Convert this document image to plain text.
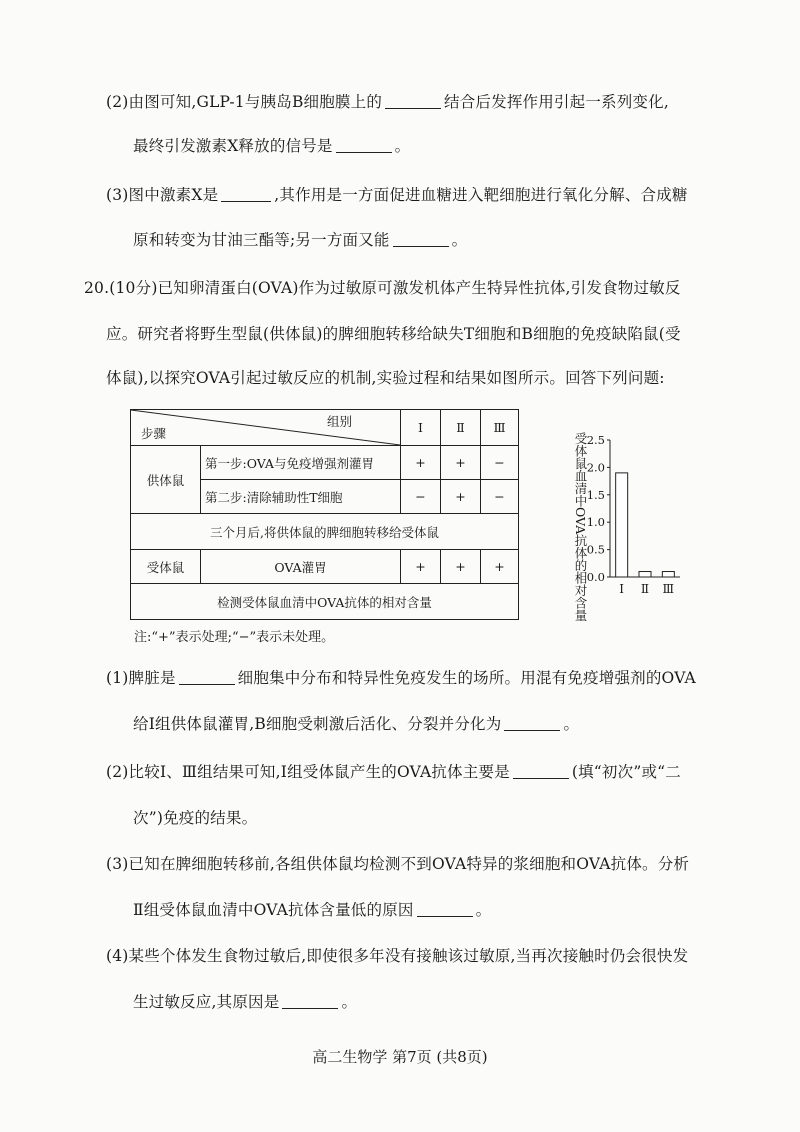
(2)由图可知,GLP-1与胰岛B细胞膜上的	结合后发挥作用引起一系列变化,
最终引发激素X释放的信号是	。
(3)图中激素X是	,其作用是一方面促进血糖进入靶细胞进行氧化分解、合成糖
原和转变为甘油三酯等;另一方面又能	。
20.(10分)已知卵清蛋白(OVA)作为过敏原可激发机体产生特异性抗体,引发食物过敏反
应。研究者将野生型鼠(供体鼠)的脾细胞转移给缺失T细胞和B细胞的免疫缺陷鼠(受
体鼠),以探究OVA引起过敏反应的机制,实验过程和结果如图所示。回答下列问题:
步骤
组别		Ⅰ	Ⅱ	Ⅲ
供体鼠	第一步:OVA与免疫增强剂灌胃	+	+	−
	第二步:清除辅助性T细胞	−	+	−
三个月后,将供体鼠的脾细胞转移给受体鼠				
受体鼠	OVA灌胃	+	+	+
检测受体鼠血清中OVA抗体的相对含量				
注:“+”表示处理;“−”表示未处理。
受体鼠血清中OVA抗体的相对含量
0.0
0.5
1.0
1.5
2.0
2.5
Ⅰ Ⅱ Ⅲ
(1)脾脏是	细胞集中分布和特异性免疫发生的场所。用混有免疫增强剂的OVA
给Ⅰ组供体鼠灌胃,B细胞受刺激后活化、分裂并分化为	。
(2)比较Ⅰ、Ⅲ组结果可知,Ⅰ组受体鼠产生的OVA抗体主要是	(填“初次”或“二
次”)免疫的结果。
(3)已知在脾细胞转移前,各组供体鼠均检测不到OVA特异的浆细胞和OVA抗体。分析
Ⅱ组受体鼠血清中OVA抗体含量低的原因	。
(4)某些个体发生食物过敏后,即使很多年没有接触该过敏原,当再次接触时仍会很快发
生过敏反应,其原因是	。
高二生物学 第7页 (共8页)
